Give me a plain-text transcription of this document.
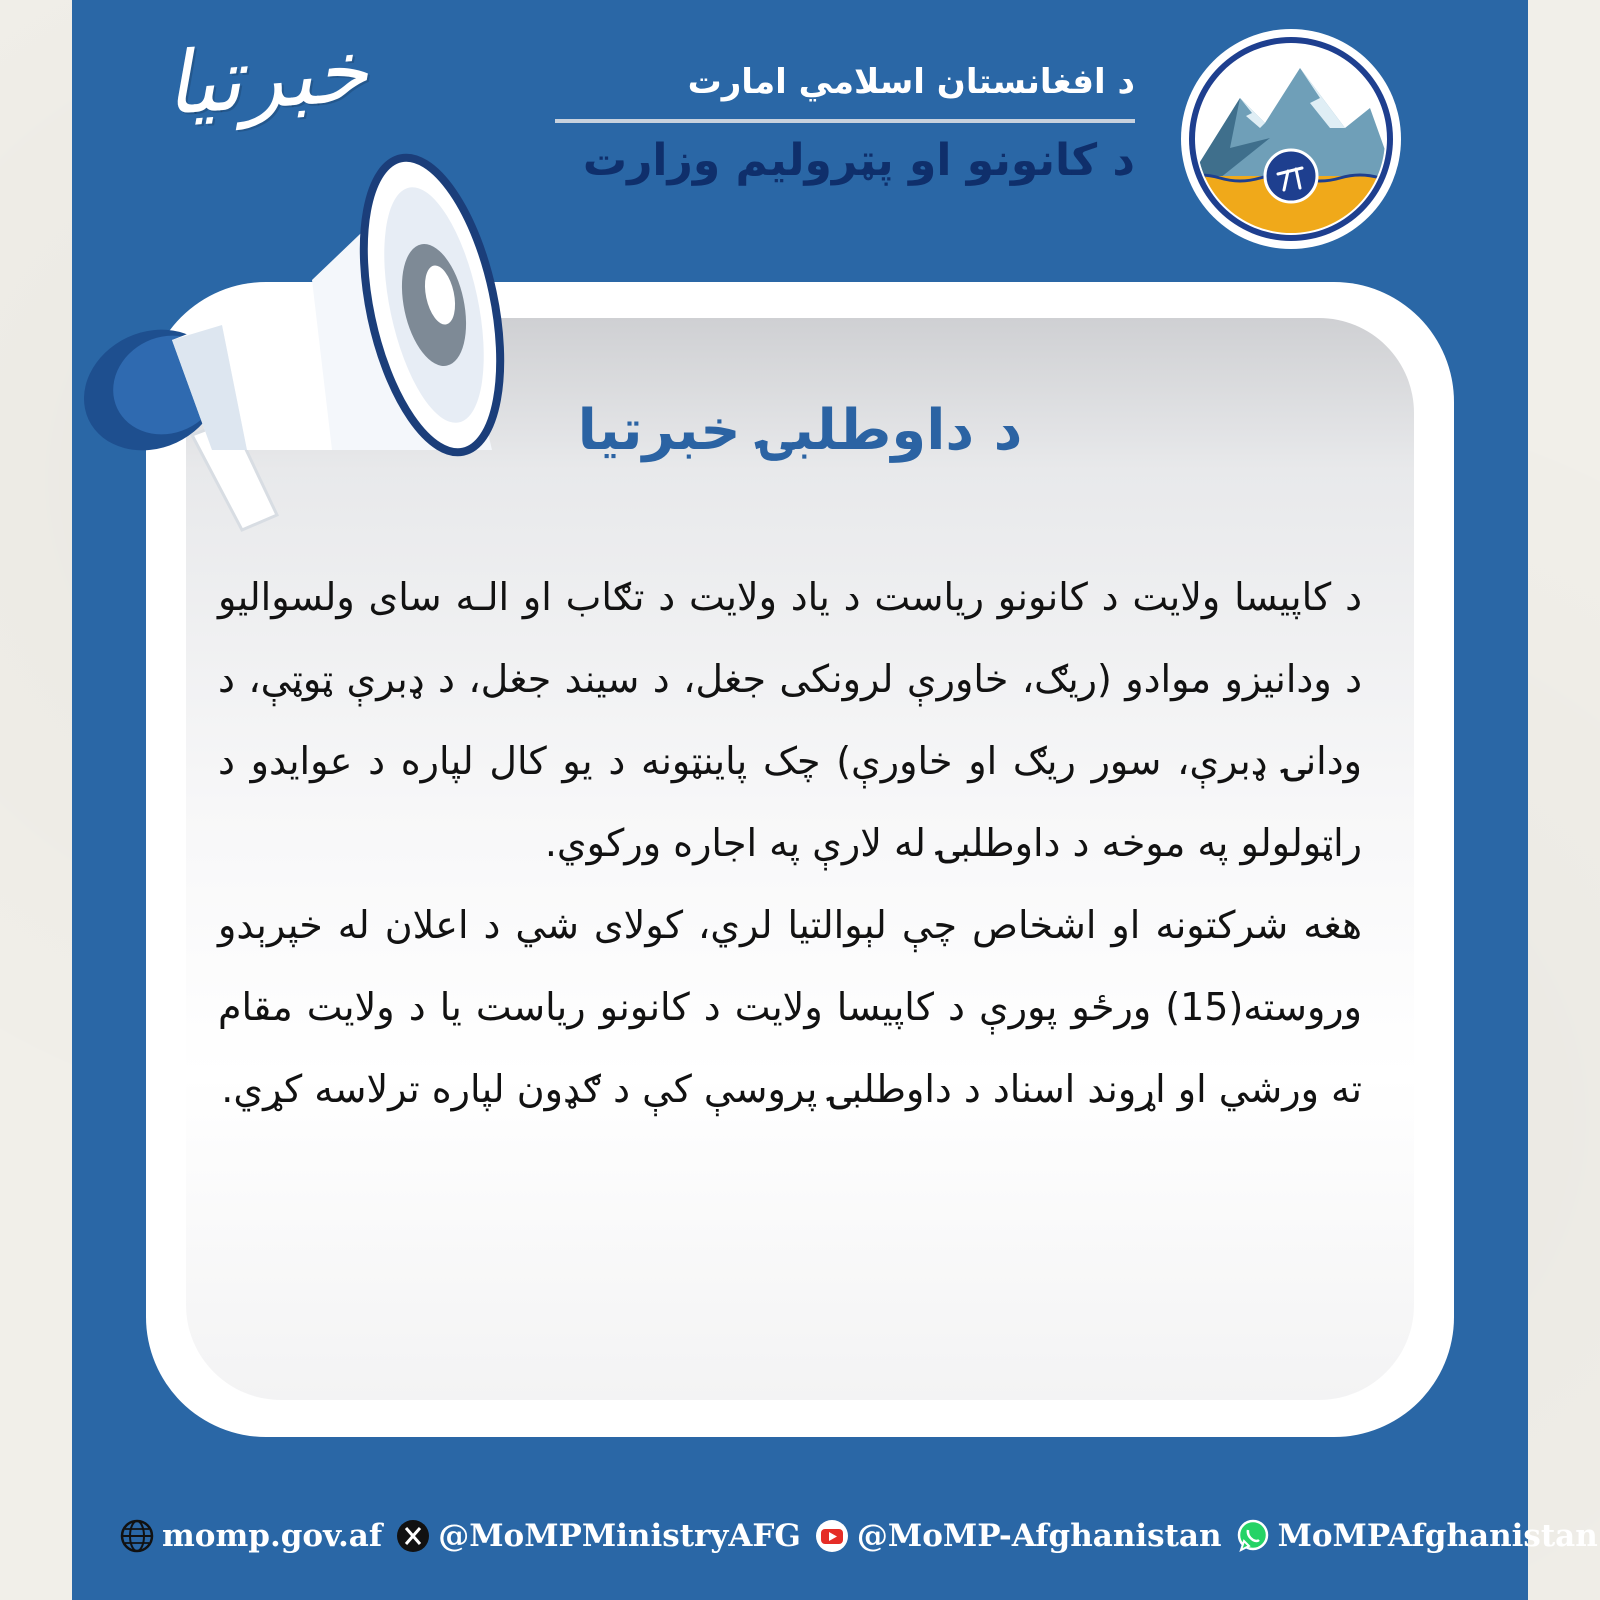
خبرتيا	د افغانستان اسلامي امارت
د کانونو او پټرولیم وزارت
د داوطلبۍ خبرتيا

د کاپیسا ولایت د کانونو ریاست د یاد ولایت د تګاب او الـه سای ولسوالیو د ودانیزو موادو (ریګ، خاورې لرونکی جغل، د سیند جغل، د ډبرې ټوټې، د ودانۍ ډبرې، سور ریګ او خاورې) چک پاینټونه د یو کال لپاره د عوایدو د راټولولو په موخه د داوطلبۍ له لارې په اجاره ورکوي.

هغه شرکتونه او اشخاص چې لېوالتیا لري، کولای شي د اعلان له خپرېدو وروسته(15) ورځو پورې د کاپیسا ولایت د کانونو ریاست یا د ولایت مقام ته ورشي او اړوند اسناد د داوطلبۍ پروسې کې د ګډون لپاره ترلاسه کړي.

momp.gov.af @MoMPMinistryAFG @MoMP-Afghanistan MoMPAfghanistan
